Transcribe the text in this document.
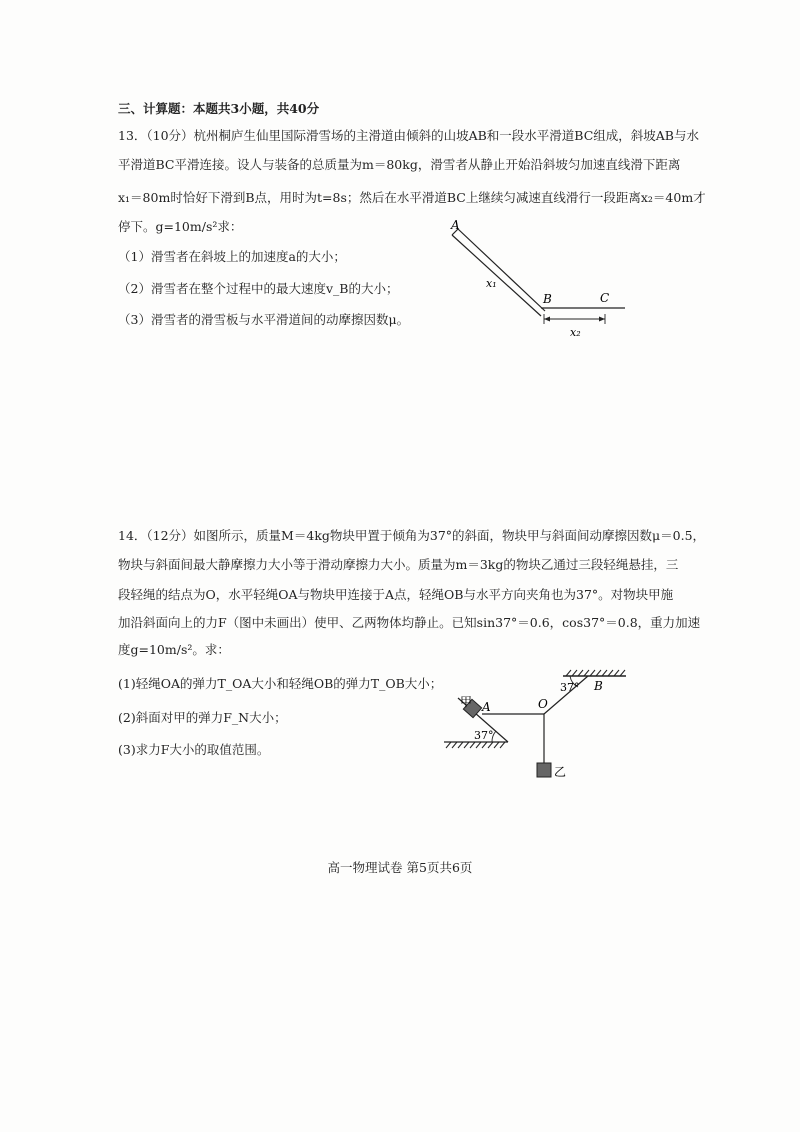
三、计算题：本题共3小题，共40分
13．（10分）杭州桐庐生仙里国际滑雪场的主滑道由倾斜的山坡AB和一段水平滑道BC组成，斜坡AB与水
平滑道BC平滑连接。设人与装备的总质量为m＝80kg，滑雪者从静止开始沿斜坡匀加速直线滑下距离
x₁＝80m时恰好下滑到B点，用时为t=8s；然后在水平滑道BC上继续匀减速直线滑行一段距离x₂＝40m才
停下。g=10m/s²求：
（1）滑雪者在斜坡上的加速度a的大小；
（2）滑雪者在整个过程中的最大速度v_B的大小；
（3）滑雪者的滑雪板与水平滑道间的动摩擦因数μ。
A
B	C
x₁
x₂
14．（12分）如图所示，质量M＝4kg物块甲置于倾角为37°的斜面，物块甲与斜面间动摩擦因数μ＝0.5，
物块与斜面间最大静摩擦力大小等于滑动摩擦力大小。质量为m＝3kg的物块乙通过三段轻绳悬挂，三
段轻绳的结点为O，水平轻绳OA与物块甲连接于A点，轻绳OB与水平方向夹角也为37°。对物块甲施
加沿斜面向上的力F（图中未画出）使甲、乙两物体均静止。已知sin37°＝0.6，cos37°＝0.8，重力加速
度g=10m/s²。求：
(1)轻绳OA的弹力T_OA大小和轻绳OB的弹力T_OB大小；
(2)斜面对甲的弹力F_N大小；
(3)求力F大小的取值范围。
甲 A	O
B
37°
37°
乙
高一物理试卷 第5页共6页
